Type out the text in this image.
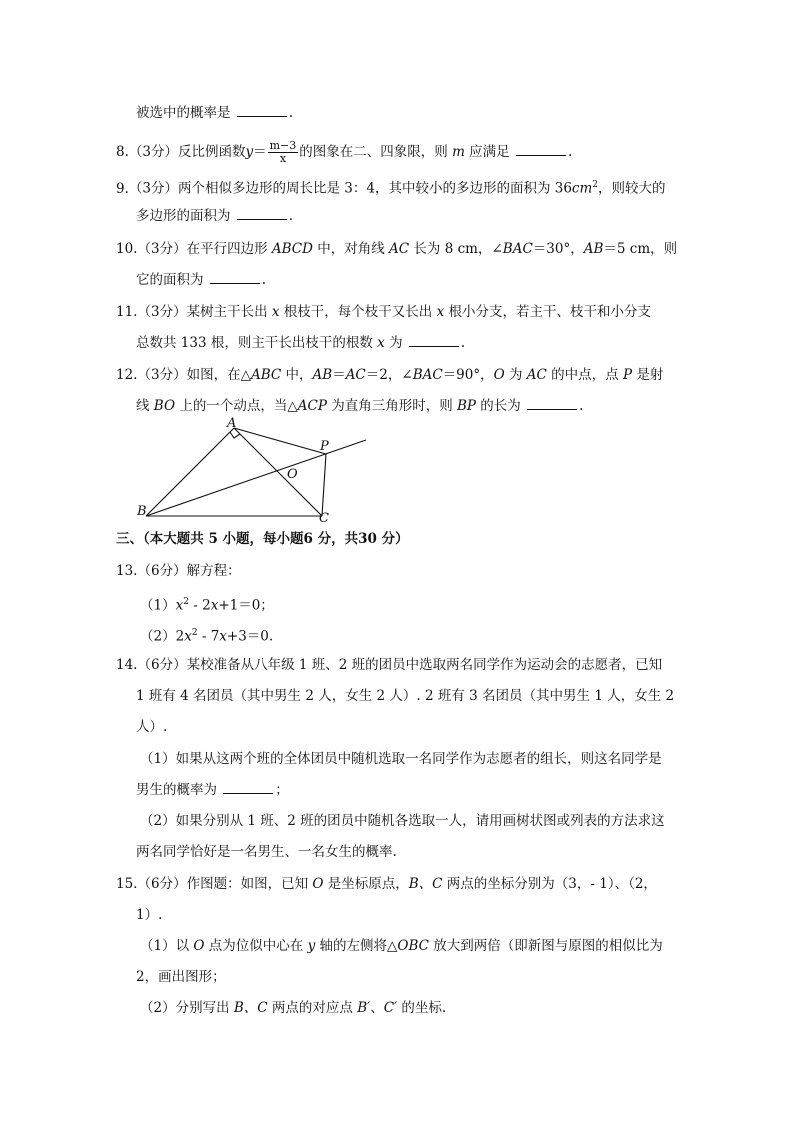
被选中的概率是	.
8.（3分）反比例函数$y= \frac{m-3}{x}$ 的图象在二、四象限，则 m 应满足	.
9.（3分）两个相似多边形的周长比是 3：4，其中较小的多边形的面积为 $36cm^2$，则较大的
多边形的面积为	.
10.（3分）在平行四边形 ABCD 中，对角线 AC 长为 8 cm，∠BAC＝30°，AB＝5 cm，则
它的面积为	.
11.（3分）某树主干长出 x 根枝干，每个枝干又长出 x 根小分支，若主干、枝干和小分支
总数共 133 根，则主干长出枝干的根数 x 为	.
12.（3分）如图，在△ABC 中，AB＝AC＝2，∠BAC＝90°，O 为 AC 的中点，点 P 是射
线 BO 上的一个动点，当△ACP 为直角三角形时，则 BP 的长为	.
A
B	C
O
P
三、（本大题共 5 小题，每小题6 分，共30 分）
13.（6分）解方程：
$(1)x^2 - 2x+1=0$；
$(2)2x^2 - 7x+3=0$.
14.（6分）某校准备从八年级 1 班、2 班的团员中选取两名同学作为运动会的志愿者，已知
1 班有 4 名团员（其中男生 2 人，女生 2 人）. 2 班有 3 名团员（其中男生 1 人，女生 2
人）.
（1）如果从这两个班的全体团员中随机选取一名同学作为志愿者的组长，则这名同学是
男生的概率为	；
（2）如果分别从 1 班、2 班的团员中随机各选取一人，请用画树状图或列表的方法求这
两名同学恰好是一名男生、一名女生的概率.
15.（6分）作图题：如图，已知 O 是坐标原点，B、C 两点的坐标分别为（3，- 1）、（2，
1）.
（1）以 O 点为位似中心在 y 轴的左侧将△OBC 放大到两倍（即新图与原图的相似比为
2，画出图形；
（2）分别写出 B、C 两点的对应点 B′、C′ 的坐标.
